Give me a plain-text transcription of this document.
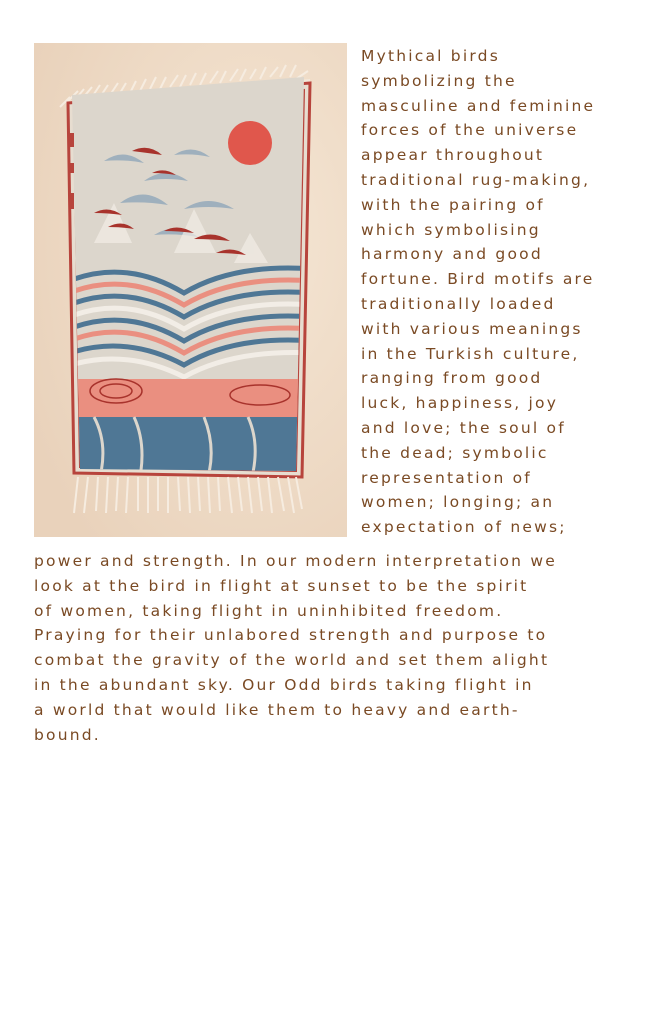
Mythical birds
symbolizing the
masculine and feminine
forces of the universe
appear throughout
traditional rug-making,
with the pairing of
which symbolising
harmony and good
fortune. Bird motifs are
traditionally loaded
with various meanings
in the Turkish culture,
ranging from good
luck, happiness, joy
and love; the soul of
the dead; symbolic
representation of
women; longing; an
expectation of news;

power and strength. In our modern interpretation we
look at the bird in flight at sunset to be the spirit
of women, taking flight in uninhibited freedom.
Praying for their unlabored strength and purpose to
combat the gravity of the world and set them alight
in the abundant sky. Our Odd birds taking flight in
a world that would like them to heavy and earth-
bound.
